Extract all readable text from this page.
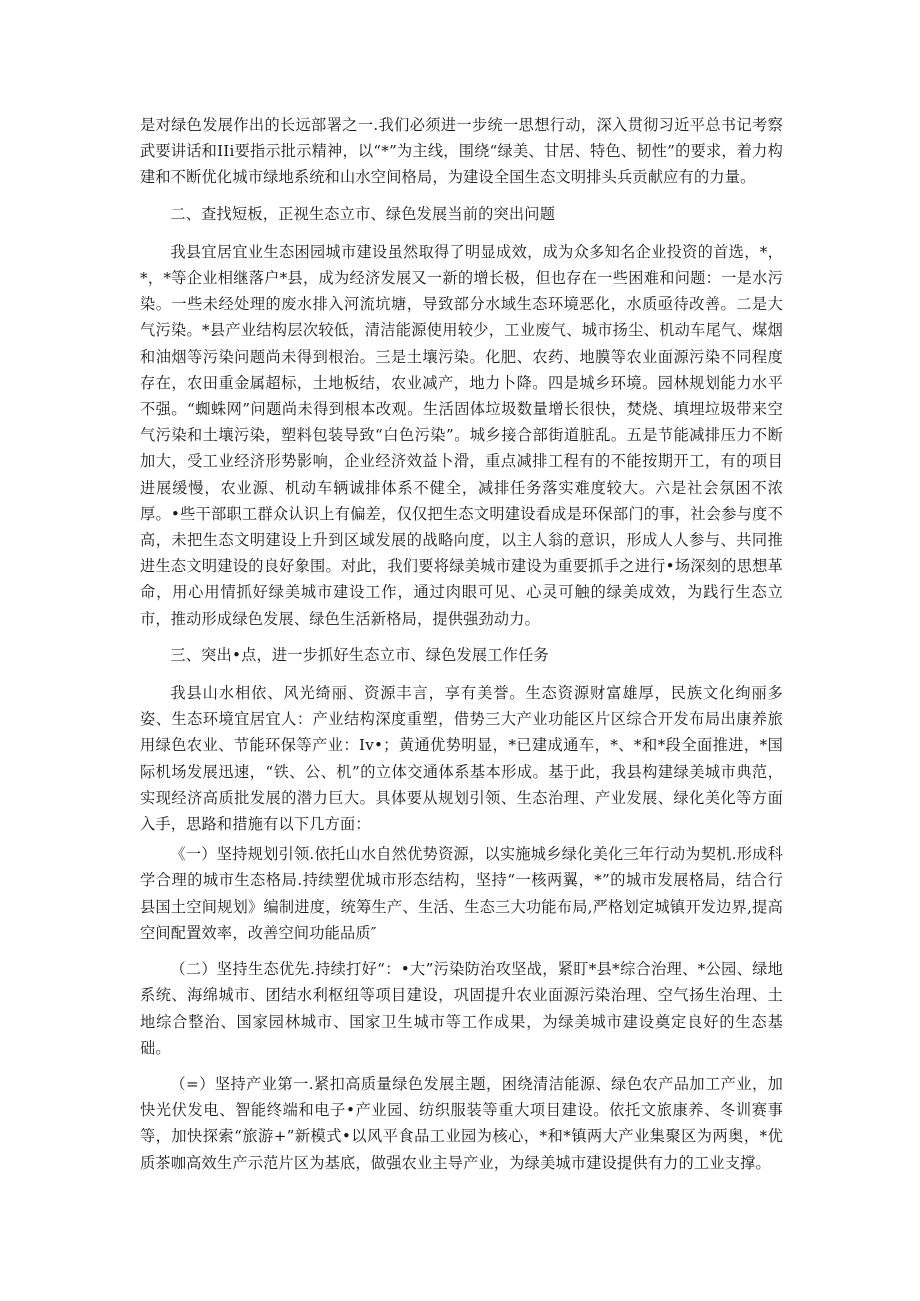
是对绿色发展作出的长远部署之一.我们必须进一步统一思想行动，深入贯彻习近平总书记考察武要讲话和IIi要指示批示精神，以“*”为主线，围绕“绿美、甘居、特色、韧性”的要求，着力构建和不断优化城市绿地系统和山水空间格局，为建设全国生态文明排头兵贡献应有的力量。

二、查找短板，正视生态立市、绿色发展当前的突出问题

我县宜居宜业生态困园城市建设虽然取得了明显成效，成为众多知名企业投资的首选，*，*，*等企业相继落户*县，成为经济发展又一新的增长极，但也存在一些困难和问题：一是水污染。一些未经处理的废水排入河流坑塘，导致部分水域生态环境恶化，水质亟待改善。二是大气污染。*县产业结构层次较低，清洁能源使用较少，工业废气、城市扬尘、机动车尾气、煤烟和油烟等污染问题尚未得到根治。三是土壤污染。化肥、农药、地膜等农业面源污染不同程度存在，农田重金属超标，土地板结，农业减产，地力卜降。四是城乡环境。园林规划能力水平不强。“蜘蛛网”问题尚未得到根本改观。生活固体垃圾数量增长很快，焚烧、填埋垃圾带来空气污染和土壤污染，塑料包装导致“白色污染”。城乡接合部街道脏乱。五是节能减排压力不断加大，受工业经济形势影响，企业经济效益卜滑，重点减排工程有的不能按期开工，有的项目进展缓慢，农业源、机动车辆诚排体系不健全，减排任务落实难度较大。六是社会氛困不浓厚。•些干部职工群众认识上有偏差，仅仅把生态文明建设看成是环保部门的事，社会参与度不高，未把生态文明建设上升到区域发展的战略向度，以主人翁的意识，形成人人参与、共同推进生态文明建设的良好象围。对此，我们要将绿美城市建设为重要抓手之进行•场深刻的思想革命，用心用情抓好绿美城市建设工作，通过肉眼可见、心灵可触的绿美成效，为践行生态立市，推动形成绿色发展、绿色生活新格局，提供强劲动力。

三、突出•点，进一步抓好生态立市、绿色发展工作任务

我县山水相依、风光绮丽、资源丰言，享有美誉。生态资源财富雄厚，民族文化绚丽多姿、生态环境宜居宜人：产业结构深度重塑，借势三大产业功能区片区综合开发布局出康养旅用绿色农业、节能环保等产业：Iv•；黄通优势明显，*已建成通车，*、*和*段全面推进，*国际机场发展迅速，“铁、公、机”的立体交通体系基本形成。基于此，我县构建绿美城市典范，实现经济高质批发展的潜力巨大。具体要从规划引领、生态治理、产业发展、绿化美化等方面入手，思路和措施有以下几方面：

《一）坚持规划引领.依托山水自然优势资源，以实施城乡绿化美化三年行动为契机.形成科学合理的城市生态格局.持续塑优城市形态结构，坚持“一核两翼，*”的城市发展格局，结合行县国土空间规划》编制进度，统筹生产、生活、生态三大功能布局,严格划定城镇开发边界,提高空间配置效率，改善空间功能品质″

（二）坚持生态优先.持续打好“：•大”污染防治攻坚战，紧盯*县*综合治理、*公园、绿地系统、海绵城市、团结水利枢纽等项目建设，巩固提升农业面源污染治理、空气扬生治理、土地综合整治、国家园林城市、国家卫生城市等工作成果，为绿美城市建设奠定良好的生态基础。

（=）坚持产业第一.紧扣高质量绿色发展主题，困绕清洁能源、绿色农产品加工产业，加快光伏发电、智能终端和电子•产业园、纺织服装等重大项目建设。依托文旅康养、冬训赛事等，加快探索“旅游+”新模式•以风平食品工业园为核心，*和*镇两大产业集聚区为两奥，*优质茶咖高效生产示范片区为基底，做强农业主导产业，为绿美城市建设提供有力的工业支撑。
